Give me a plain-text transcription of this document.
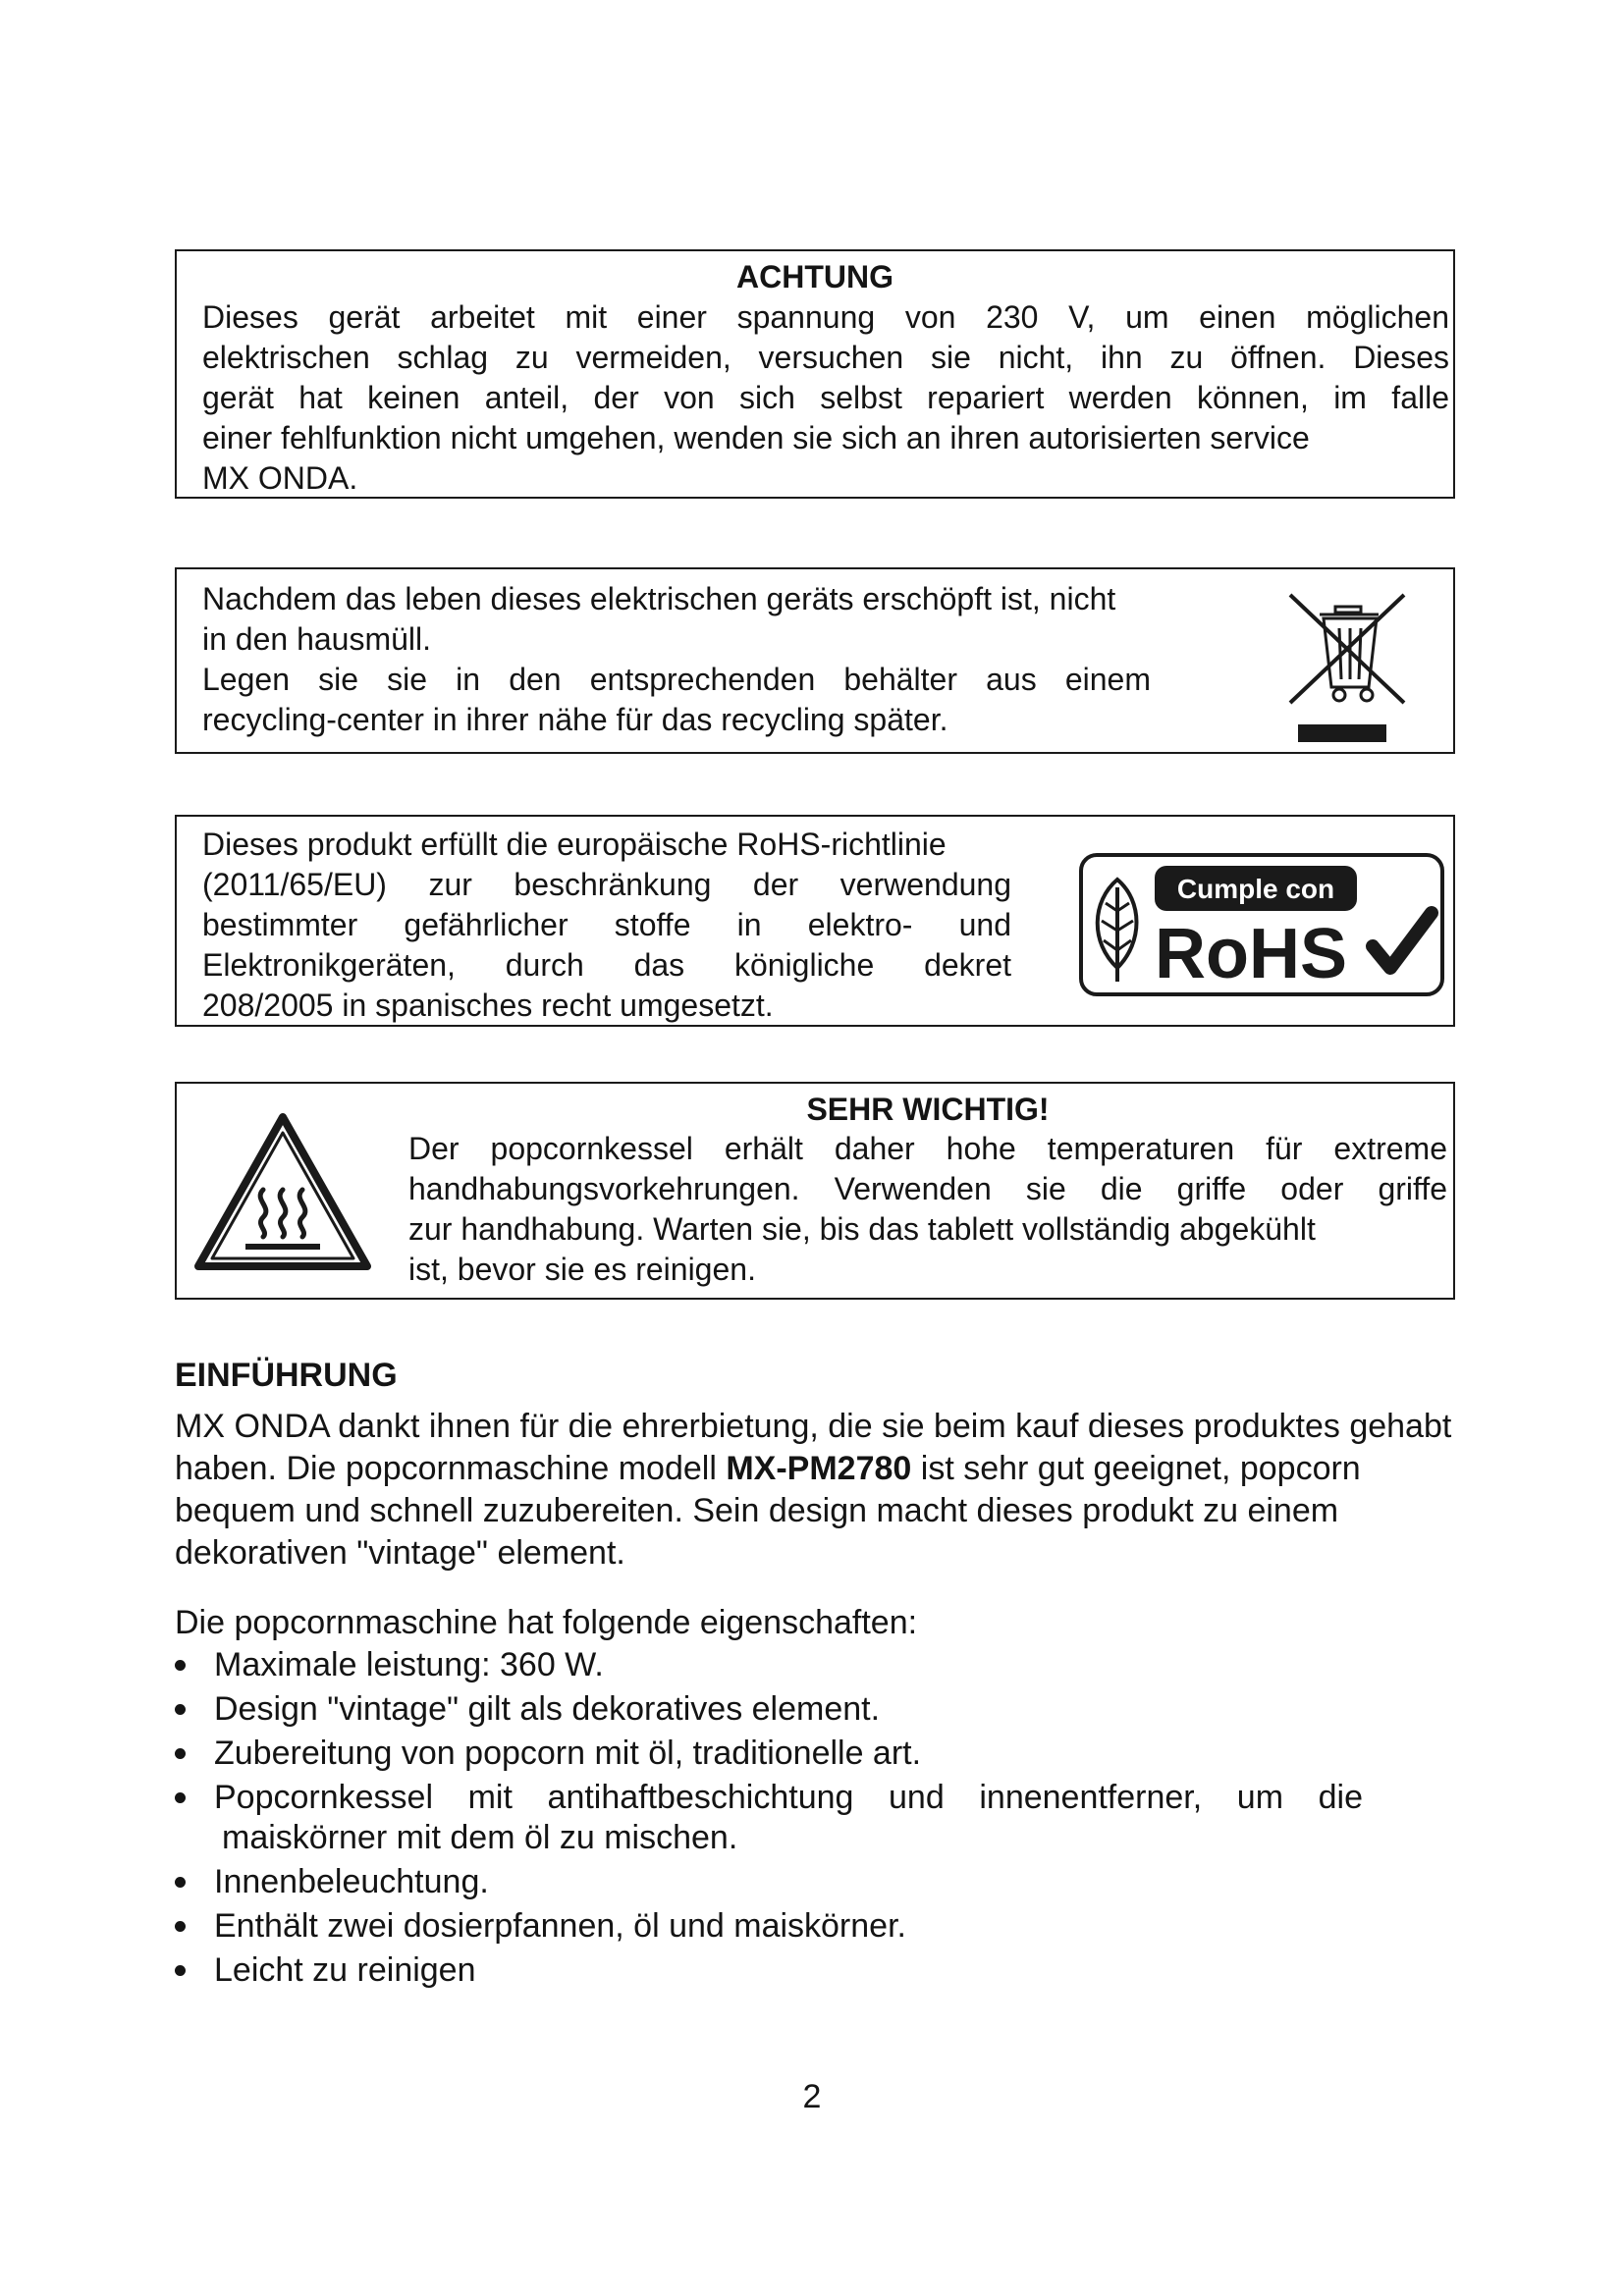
ACHTUNG
Dieses gerät arbeitet mit einer spannung von 230 V, um einen möglichen
elektrischen schlag zu vermeiden, versuchen sie nicht, ihn zu öffnen. Dieses
gerät hat keinen anteil, der von sich selbst repariert werden können, im falle
einer fehlfunktion nicht umgehen, wenden sie sich an ihren autorisierten service
MX ONDA.
Nachdem das leben dieses elektrischen geräts erschöpft ist, nicht
in den hausmüll.
Legen sie sie in den entsprechenden behälter aus einem
recycling-center in ihrer nähe für das recycling später.
Dieses produkt erfüllt die europäische RoHS-richtlinie
(2011/65/EU) zur beschränkung der verwendung
bestimmter gefährlicher stoffe in elektro- und
Elektronikgeräten, durch das königliche dekret
208/2005 in spanisches recht umgesetzt.
Cumple con
RoHS
SEHR WICHTIG!
Der popcornkessel erhält daher hohe temperaturen für extreme
handhabungsvorkehrungen. Verwenden sie die griffe oder griffe
zur handhabung. Warten sie, bis das tablett vollständig abgekühlt
ist, bevor sie es reinigen.
EINFÜHRUNG

MX ONDA dankt ihnen für die ehrerbietung, die sie beim kauf dieses produktes gehabt haben. Die popcornmaschine modell MX-PM2780 ist sehr gut geeignet, popcorn bequem und schnell zuzubereiten. Sein design macht dieses produkt zu einem dekorativen "vintage" element.

Die popcornmaschine hat folgende eigenschaften:
Maximale leistung: 360 W.
Design "vintage" gilt als dekoratives element.
Zubereitung von popcorn mit öl, traditionelle art.
Popcornkessel mit antihaftbeschichtung und innenentferner, um die
maiskörner mit dem öl zu mischen.
Innenbeleuchtung.
Enthält zwei dosierpfannen, öl und maiskörner.
Leicht zu reinigen
2
